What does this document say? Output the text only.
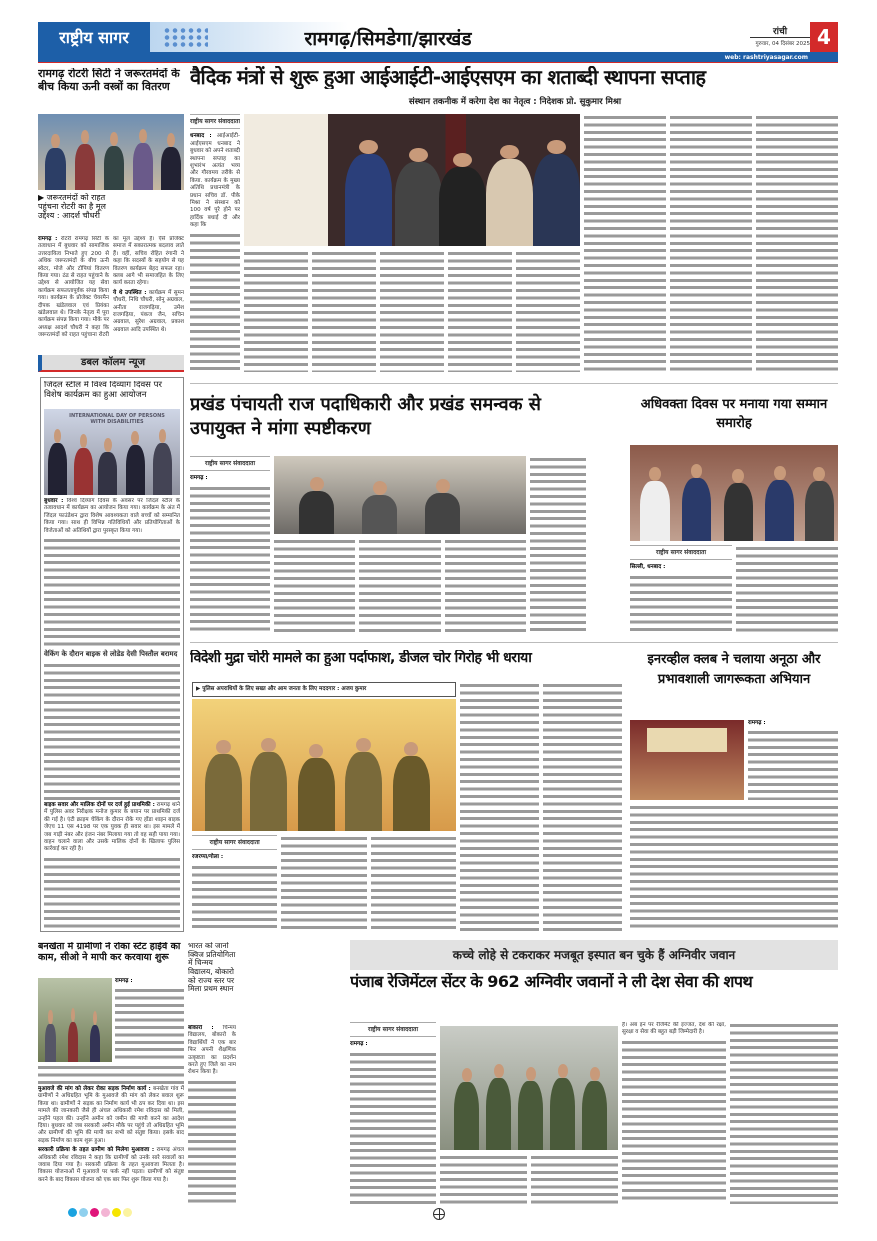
राष्ट्रीय सागर	रामगढ़/सिमडेगा/झारखंड	रांची
गुरुवार, 04 दिसंबर 2025 4
web: rashtriyasagar.com
रामगढ़ रोटरी सिटी ने जरूरतमंदों के बीच किया ऊनी वस्त्रों का वितरण
▶ जरूरतमंदों को राहत पहुंचना रोटरी का है मूल उद्देश्य : आदर्श चौधरी

रामगढ़ : रोटरी रामगढ़ सिटी के तत्वाधान में बुधवार को सामाजिक उत्तरदायित्व निभाते हुए 200 से अधिक जरूरतमंदों के बीच ऊनी स्वेटर, मोजे और टोपियां वितरण किया गया। ठंड से राहत पहुंचाने के उद्देश्य से आयोजित यह सेवा कार्यक्रम सफलतापूर्वक संपन्न किया गया। कार्यक्रम के प्रोजेक्ट चेयरमैन दीपक खंडेलवाल एवं प्रियंका खंडेलवाल थे। जिनके नेतृत्व में पूरा कार्यक्रम संपन्न किया गया। मौके पर अध्यक्ष आदर्श चौधरी ने कहा कि जरूरतमंदों को राहत पहुंचाना रोटरी का मूल उद्देश्य है। ऐसे प्रोजेक्ट समाज में सकारात्मक बदलाव लाते हैं। वहीं, सचिव रोहित रंगानी ने कहा कि सदस्यों के सहयोग से यह वितरण कार्यक्रम बेहद सफल रहा। क्लब आगे भी समाजहित के लिए कार्य करता रहेगा।

ये थे उपस्थित : कार्यक्रम में सुमन चौधरी, निधि चौधरी, सोनू अग्रवाल, अनीता राजगढ़िया, उमेश राजगढ़िया, पंकज जैन, सचिन अग्रवाल, सुरेश अग्रवाल, प्रकाश अग्रवाल आदि उपस्थित थे।

डबल कॉलम न्यूज
जिंदल स्टील में विश्व दिव्यांग दिवस पर विशेष कार्यक्रम का हुआ आयोजन
INTERNATIONAL DAY OF PERSONS WITH DISABILITIES

बुधवार : विश्व दिव्यांग दिवस के अवसर पर जिंदल स्टील के तत्वावधान में कार्यक्रम का आयोजन किया गया। कार्यक्रम के अंत में जिंदल फाउंडेशन द्वारा विशेष आवश्यकता वाले बच्चों को सम्मानित किया गया। साथ ही विभिन्न गतिविधियों और प्रतियोगिताओं के विजेताओं को अतिथियों द्वारा पुरस्कृत किया गया।

वेकिंग के दौरान बाइक से लोडेड देसी पिस्तौल बरामद

बाइक सवार और मालिक दोनों पर दर्ज हुई प्राथमिकी : रामगढ़ थाने में पुलिस अवर निरीक्षक मनोज कुमार के बयान पर प्राथमिकी दर्ज की गई है। एंटी क्राइम चेकिंग के दौरान रोके गए होंडा शाइन बाइक जेएच 11 एस 4198 पर एक युवक ही सवार था। इस मामले में जब गाड़ी नंबर और इंजन नंबर मिलाया गया तो वह सही पाया गया। वाहन चलाने वाला और उसके मालिक दोनों के खिलाफ पुलिस कार्रवाई कर रही है।

बनखेता में ग्रामीणों ने रोका स्टेट हाईवे का काम, सीओ ने मापी कर करवाया शुरू

रामगढ़ :

मुआवजे की मांग को लेकर रोका सड़क निर्माण कार्य : बनखेता गांव में ग्रामीणों ने अधिग्रहित भूमि के मुआवजे की मांग को लेकर बवाल शुरू किया था। ग्रामीणों ने सड़क का निर्माण कार्य भी ठप कर दिया था। इस मामले की जानकारी जैसे ही अंचल अधिकारी रमेश रविदास को मिली, उन्होंने पहल की। उन्होंने अमीन को जमीन की मापी करने का आदेश दिया। बुधवार को जब सरकारी अमीन मौके पर पहुंचे तो अधिग्रहित भूमि और ग्रामीणों की भूमि की मापी कर सभी को संतुष्ट किया। इसके बाद सड़क निर्माण का काम शुरू हुआ।

सरकारी प्रक्रिया के तहत ग्रामीण को मिलेगा मुआवजा : रामगढ़ अंचल अधिकारी रमेश रविदास ने कहा कि ग्रामीणों को उनके सारे सवालों का जवाब दिया गया है। सरकारी प्रक्रिया के तहत मुआवजा मिलता है। विकास योजनाओं में मुआवजे पर फर्क नहीं पड़ता। ग्रामीणों को संतुष्ट करने के बाद विकास योजना को एक बार फिर शुरू किया गया है।

भारत को जानो क्विज प्रतियोगिता में चिन्मय विद्यालय, बोकारो को राज्य स्तर पर मिला प्रथम स्थान

बोकारो : चिन्मय विद्यालय, बोकारो के विद्यार्थियों ने एक बार फिर अपनी शैक्षणिक उत्कृष्टता का प्रदर्शन करते हुए जिले का नाम रोशन किया है।

वैदिक मंत्रों से शुरू हुआ आईआईटी-आईएसएम का शताब्दी स्थापना सप्ताह
संस्थान तकनीक में करेगा देश का नेतृत्व : निदेशक प्रो. सुकुमार मिश्रा
राष्ट्रीय सागर संवाददाता

धनबाद : आईआईटी-आईएसएम धनबाद ने बुधवार को अपने शताब्दी स्थापना सप्ताह का शुभारंभ अत्यंत भव्य और गौरवमय तरीके से किया. कार्यक्रम के मुख्य अतिथि प्रधानमंत्री के प्रधान सचिव डॉ. पीके मिश्रा ने संस्थान को 100 वर्ष पूरे होने पर हार्दिक बधाई दी और कहा कि

प्रखंड पंचायती राज पदाधिकारी और प्रखंड समन्वक से उपायुक्त ने मांगा स्पष्टीकरण
राष्ट्रीय सागर संवाददाता

रामगढ़ :

अधिवक्ता दिवस पर मनाया गया सम्मान समारोह
राष्ट्रीय सागर संवाददाता

सिल्ली, धनबाद :

विदेशी मुद्रा चोरी मामले का हुआ पर्दाफाश, डीजल चोर गिरोह भी धराया
▶ पुलिस अपराधियों के लिए सख्त और आम जनता के लिए मददगार : अजय कुमार
राष्ट्रीय सागर संवाददाता

रजरप्पा/गोला :

इनरव्हील क्लब ने चलाया अनूठा और प्रभावशाली जागरूकता अभियान

रामगढ़ :

कच्चे लोहे से टकराकर मजबूत इस्पात बन चुके हैं अग्निवीर जवान
पंजाब रेजिमेंटल सेंटर के 962 अग्निवीर जवानों ने ली देश सेवा की शपथ
राष्ट्रीय सागर संवाददाता

रामगढ़ :

है। अब इन पर रेजिमेंट की इज्जत, देश की रक्षा, सुरक्षा व सेवा की बहुत बड़ी जिम्मेदारी है।
